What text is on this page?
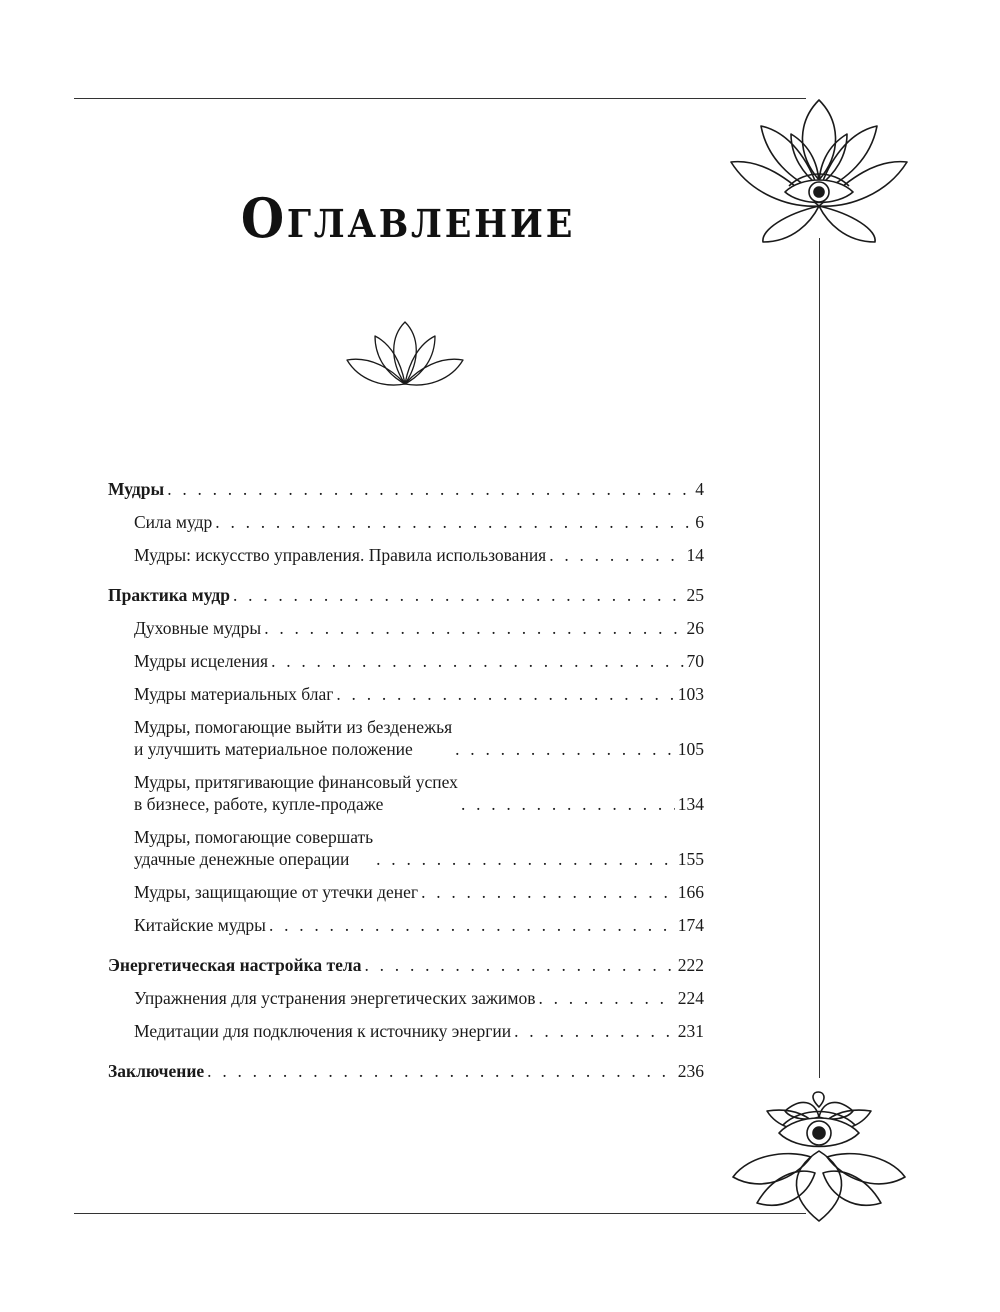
Оглавление
Мудры . . .	4
Сила мудр . . .	6
Мудры: искусство управления. Правила использования . . .	14
Практика мудр . . .	25
Духовные мудры . . .	26
Мудры исцеления . . .	70
Мудры материальных благ . . .	103
Мудры, помогающие выйти из безденежья
и улучшить материальное положение . . .	105
Мудры, притягивающие финансовый успех
в бизнесе, работе, купле-продаже . . .	134
Мудры, помогающие совершать
удачные денежные операции . . .	155
Мудры, защищающие от утечки денег . . .	166
Китайские мудры . . .	174
Энергетическая настройка тела . . .	222
Упражнения для устранения энергетических зажимов . . .	224
Медитации для подключения к источнику энергии . . .	231
Заключение . . .	236
